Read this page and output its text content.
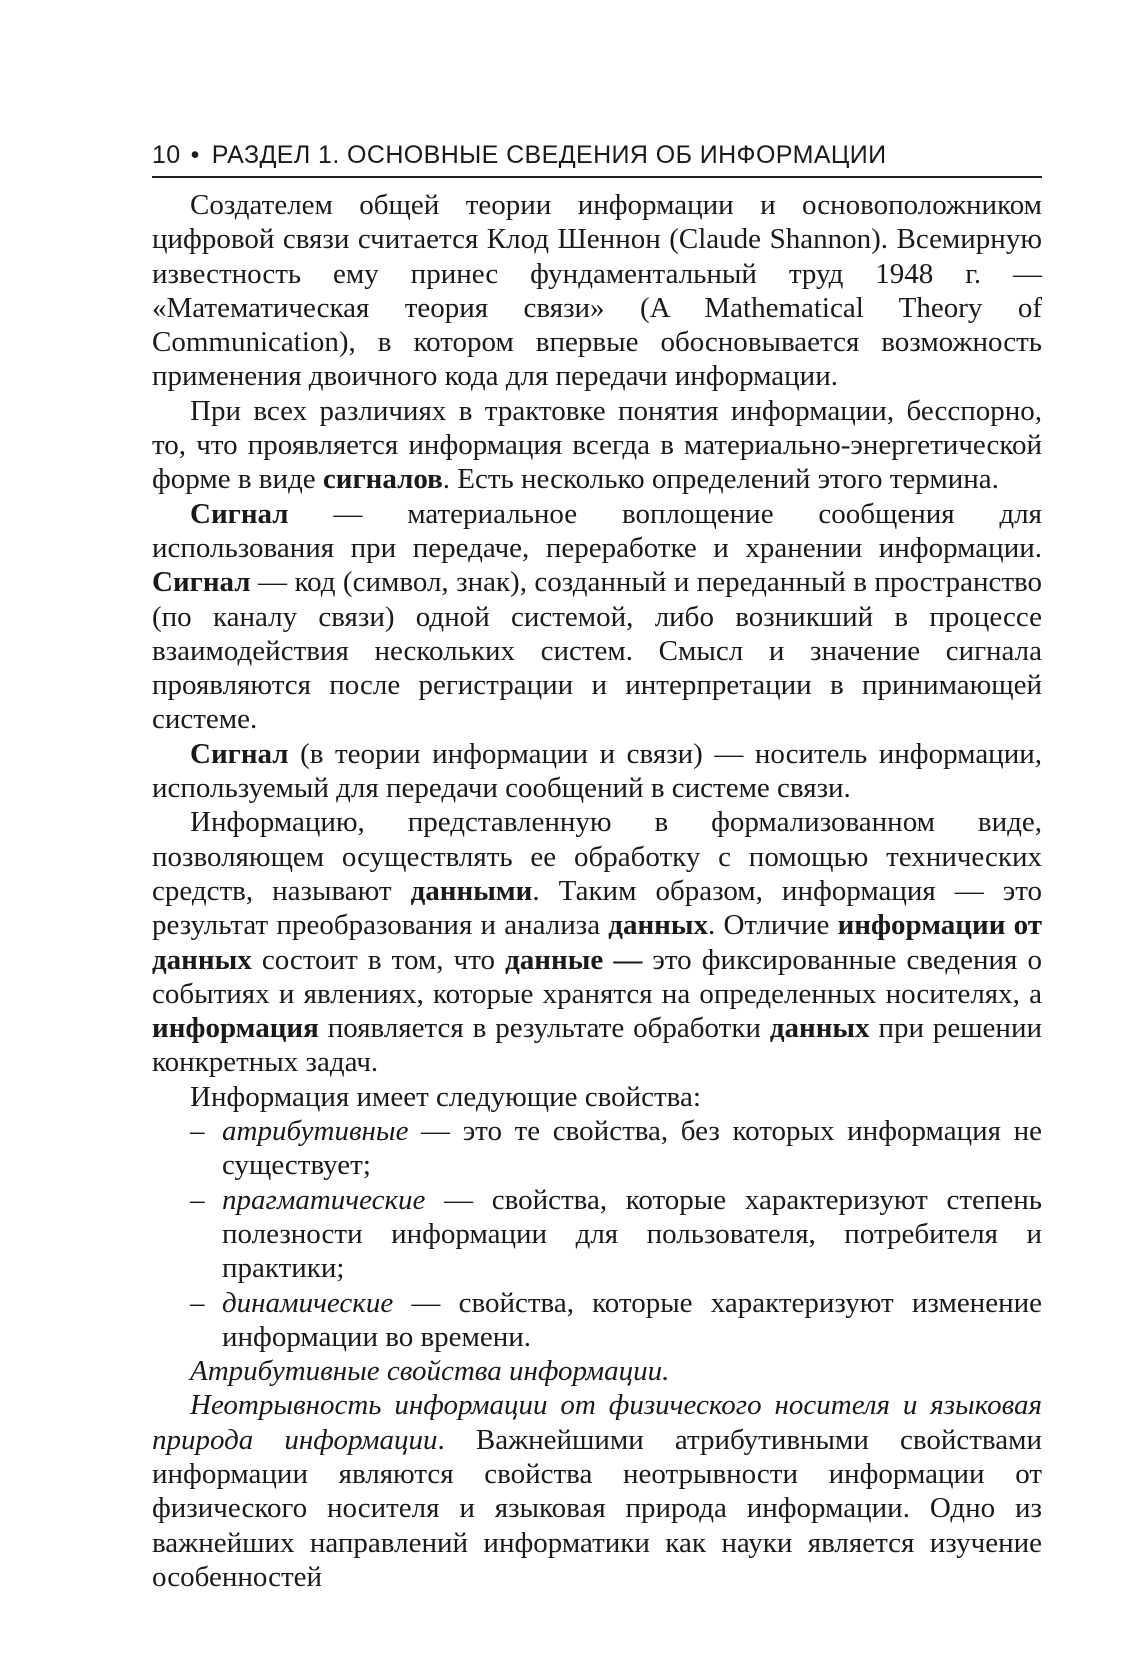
10 • РАЗДЕЛ 1. ОСНОВНЫЕ СВЕДЕНИЯ ОБ ИНФОРМАЦИИ

Создателем общей теории информации и основоположником цифровой связи считается Клод Шеннон (Claude Shannon). Всемирную известность ему принес фундаментальный труд 1948 г. — «Математическая теория связи» (A Mathematical Theory of Communication), в котором впервые обосновывается возможность применения двоичного кода для передачи информации.

При всех различиях в трактовке понятия информации, бесспорно, то, что проявляется информация всегда в материально-энергетической форме в виде сигналов. Есть несколько определений этого термина.

Сигнал — материальное воплощение сообщения для использования при передаче, переработке и хранении информации. Сигнал — код (символ, знак), созданный и переданный в пространство (по каналу связи) одной системой, либо возникший в процессе взаимодействия нескольких систем. Смысл и значение сигнала проявляются после регистрации и интерпретации в принимающей системе.

Сигнал (в теории информации и связи) — носитель информации, используемый для передачи сообщений в системе связи.

Информацию, представленную в формализованном виде, позволяющем осуществлять ее обработку с помощью технических средств, называют данными. Таким образом, информация — это результат преобразования и анализа данных. Отличие информации от данных состоит в том, что данные — это фиксированные сведения о событиях и явлениях, которые хранятся на определенных носителях, а информация появляется в результате обработки данных при решении конкретных задач.

Информация имеет следующие свойства:

– атрибутивные — это те свойства, без которых информация не существует;
– прагматические — свойства, которые характеризуют степень полезности информации для пользователя, потребителя и практики;
– динамические — свойства, которые характеризуют изменение информации во времени.

Атрибутивные свойства информации.

Неотрывность информации от физического носителя и языковая природа информации. Важнейшими атрибутивными свойствами информации являются свойства неотрывности информации от физического носителя и языковая природа информации. Одно из важнейших направлений информатики как науки является изучение особенностей
